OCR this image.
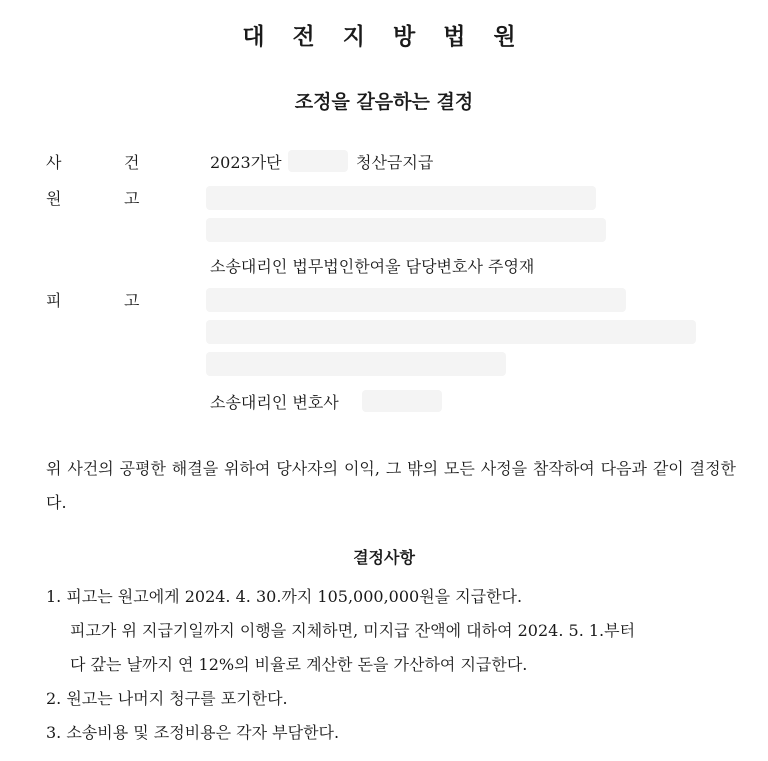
대 전 지 방 법 원
조정을 갈음하는 결정
사	건	2023가단	청산금지급
원	고
소송대리인 법무법인한여울 담당변호사 주영재
피	고
소송대리인 변호사
위 사건의 공평한 해결을 위하여 당사자의 이익, 그 밖의 모든 사정을 참작하여 다음과 같이 결정한다.
결정사항
1. 피고는 원고에게 2024. 4. 30.까지 105,000,000원을 지급한다.
피고가 위 지급기일까지 이행을 지체하면, 미지급 잔액에 대하여 2024. 5. 1.부터
다 갚는 날까지 연 12%의 비율로 계산한 돈을 가산하여 지급한다.
2. 원고는 나머지 청구를 포기한다.
3. 소송비용 및 조정비용은 각자 부담한다.
